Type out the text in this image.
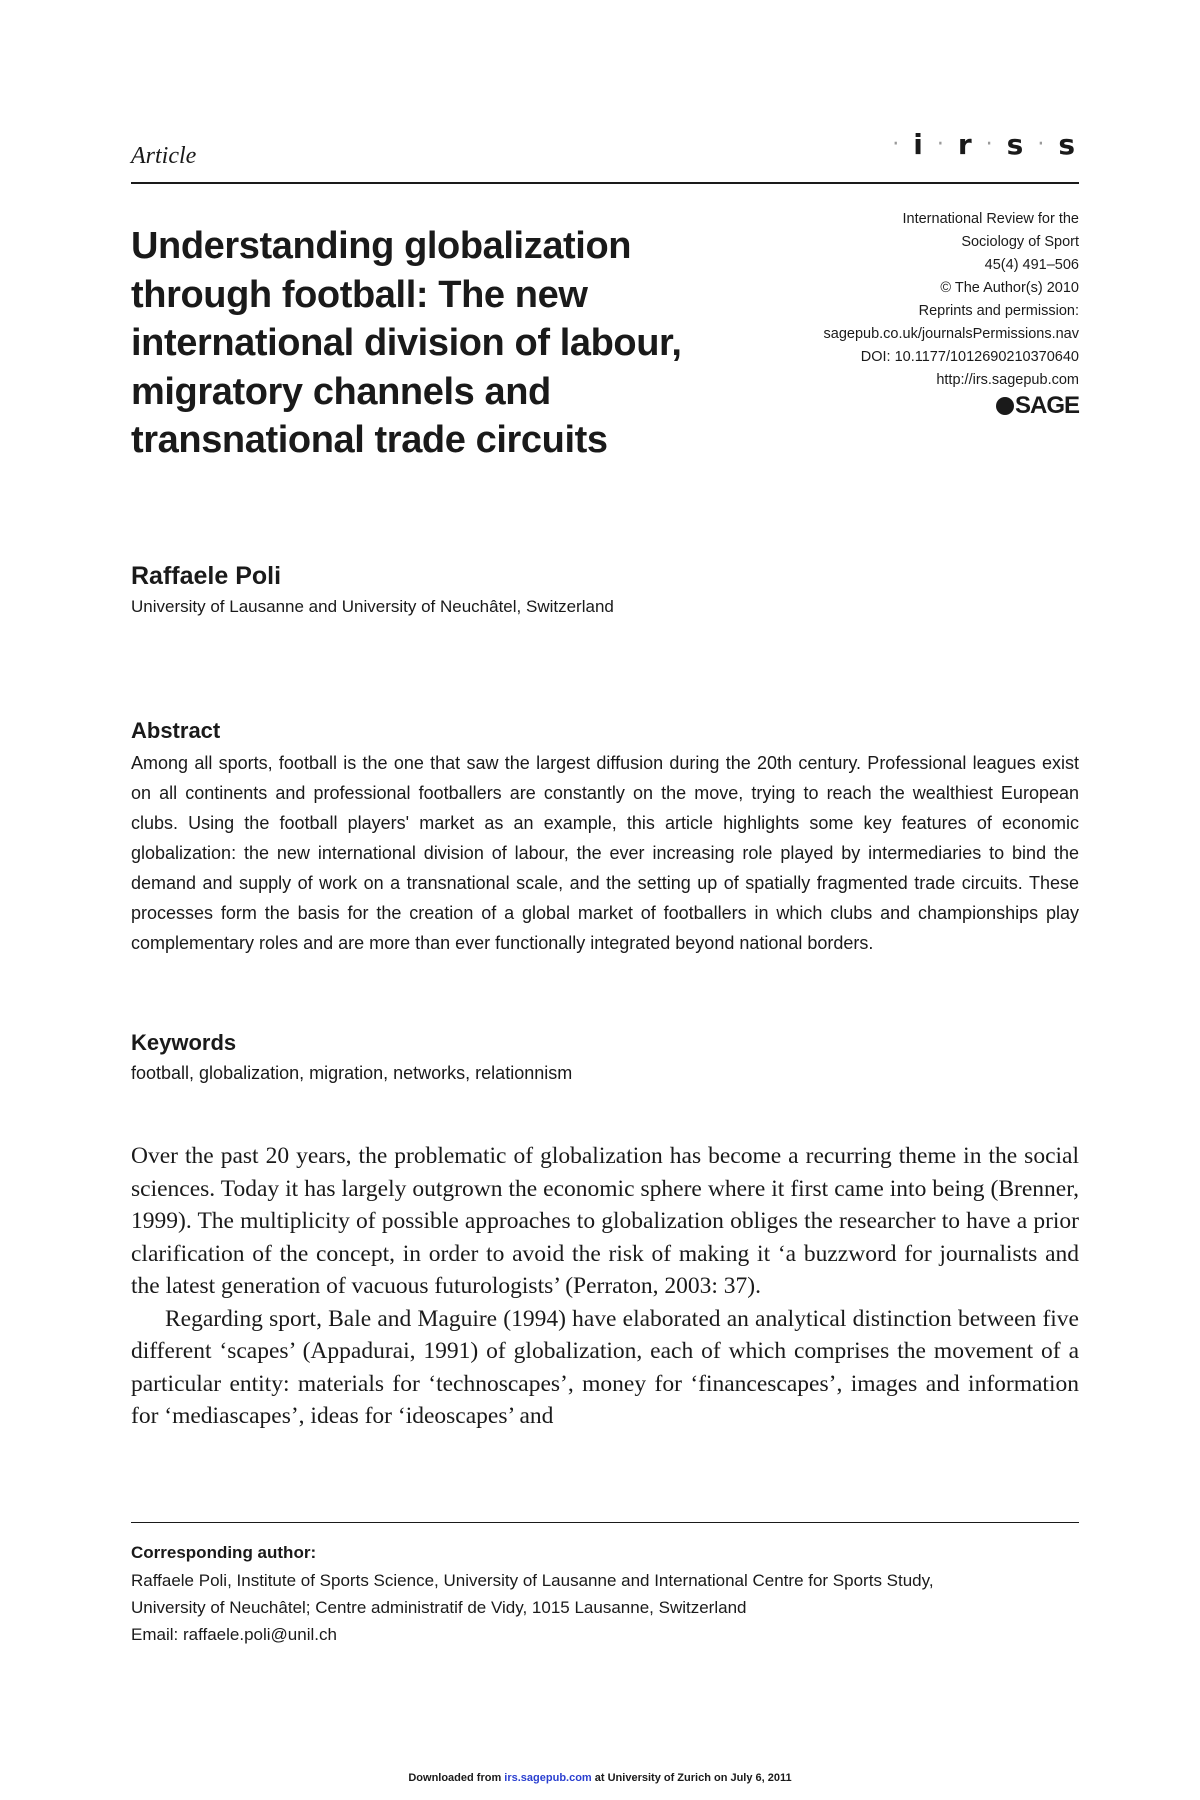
Article	· i · r · s · s
Understanding globalization through football: The new international division of labour, migratory channels and transnational trade circuits
International Review for the
Sociology of Sport
45(4) 491–506
© The Author(s) 2010
Reprints and permission:
sagepub.co.uk/journalsPermissions.nav
DOI: 10.1177/1012690210370640
http://irs.sagepub.com
SAGE
Raffaele Poli
University of Lausanne and University of Neuchâtel, Switzerland
Abstract
Among all sports, football is the one that saw the largest diffusion during the 20th century. Professional leagues exist on all continents and professional footballers are constantly on the move, trying to reach the wealthiest European clubs. Using the football players' market as an example, this article highlights some key features of economic globalization: the new international division of labour, the ever increasing role played by intermediaries to bind the demand and supply of work on a transnational scale, and the setting up of spatially fragmented trade circuits. These processes form the basis for the creation of a global market of footballers in which clubs and championships play complementary roles and are more than ever functionally integrated beyond national borders.
Keywords
football, globalization, migration, networks, relationnism

Over the past 20 years, the problematic of globalization has become a recurring theme in the social sciences. Today it has largely outgrown the economic sphere where it first came into being (Brenner, 1999). The multiplicity of possible approaches to globalization obliges the researcher to have a prior clarification of the concept, in order to avoid the risk of making it ‘a buzzword for journalists and the latest generation of vacuous futurologists’ (Perraton, 2003: 37).

Regarding sport, Bale and Maguire (1994) have elaborated an analytical distinction between five different ‘scapes’ (Appadurai, 1991) of globalization, each of which comprises the movement of a particular entity: materials for ‘technoscapes’, money for ‘financescapes’, images and information for ‘mediascapes’, ideas for ‘ideoscapes’ and

Corresponding author:
Raffaele Poli, Institute of Sports Science, University of Lausanne and International Centre for Sports Study,
University of Neuchâtel; Centre administratif de Vidy, 1015 Lausanne, Switzerland
Email: raffaele.poli@unil.ch
Downloaded from irs.sagepub.com at University of Zurich on July 6, 2011
